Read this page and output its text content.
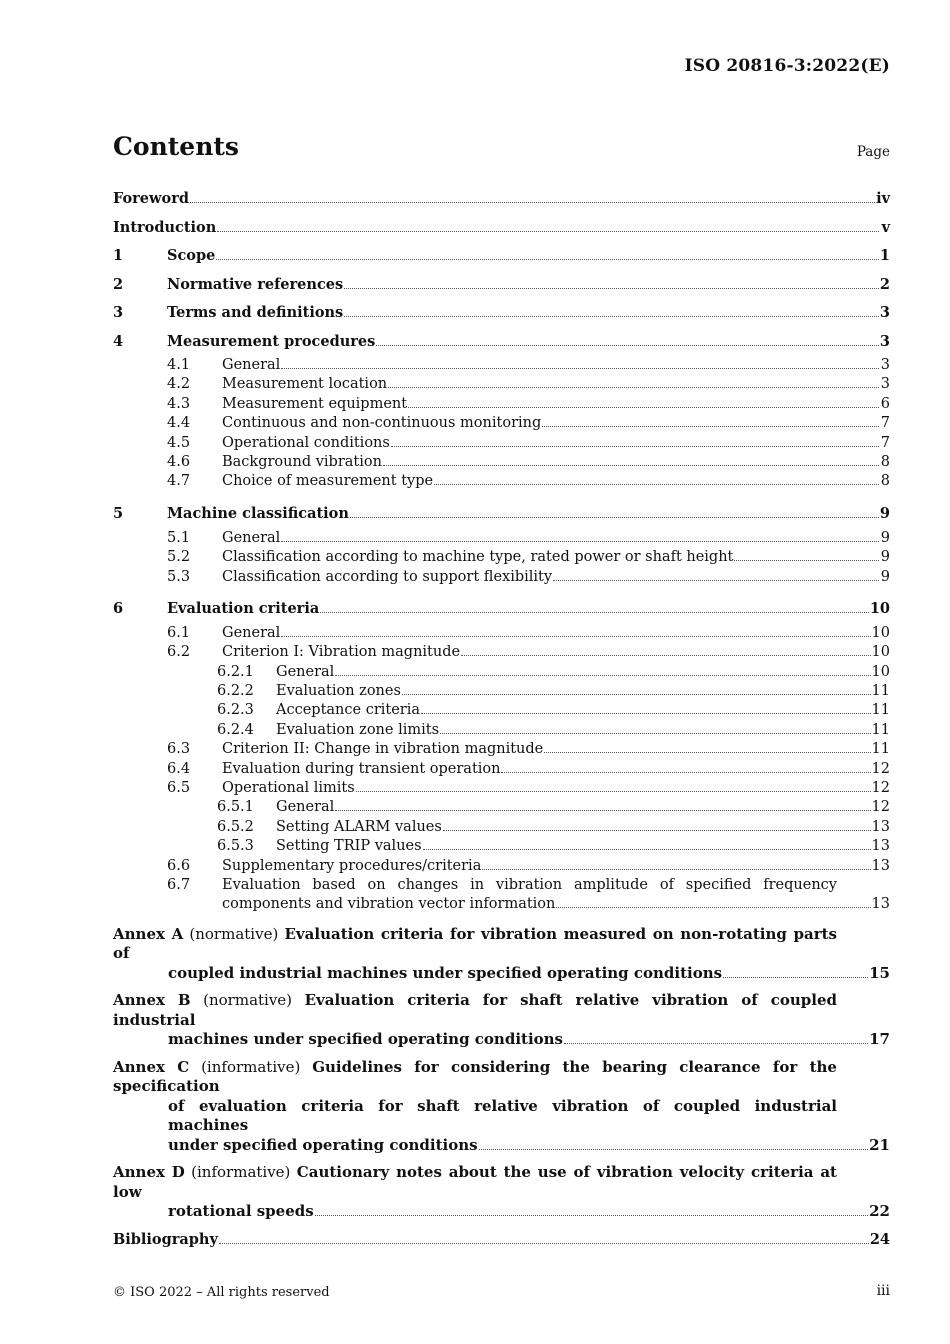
ISO 20816-3:2022(E)
Contents	Page
Foreword	iv
Introduction	v
1	Scope	1
2	Normative references	2
3	Terms and definitions	3
4	Measurement procedures	3
4.1	General	3
4.2	Measurement location	3
4.3	Measurement equipment	6
4.4	Continuous and non-continuous monitoring	7
4.5	Operational conditions	7
4.6	Background vibration	8
4.7	Choice of measurement type	8
5	Machine classification	9
5.1	General	9
5.2	Classification according to machine type, rated power or shaft height	9
5.3	Classification according to support flexibility	9
6	Evaluation criteria	10
6.1	General	10
6.2	Criterion I: Vibration magnitude	10
6.2.1	General	10
6.2.2	Evaluation zones	11
6.2.3	Acceptance criteria	11
6.2.4	Evaluation zone limits	11
6.3	Criterion II: Change in vibration magnitude	11
6.4	Evaluation during transient operation	12
6.5	Operational limits	12
6.5.1	General	12
6.5.2	Setting ALARM values	13
6.5.3	Setting TRIP values	13
6.6	Supplementary procedures/criteria	13
6.7	Evaluation based on changes in vibration amplitude of specified frequency
components and vibration vector information	13
Annex A (normative) Evaluation criteria for vibration measured on non-rotating parts of
coupled industrial machines under specified operating conditions	15
Annex B (normative) Evaluation criteria for shaft relative vibration of coupled industrial
machines under specified operating conditions	17
Annex C (informative) Guidelines for considering the bearing clearance for the specification
of evaluation criteria for shaft relative vibration of coupled industrial machines
under specified operating conditions	21
Annex D (informative) Cautionary notes about the use of vibration velocity criteria at low
rotational speeds	22
Bibliography	24
© ISO 2022 – All rights reserved	iii
